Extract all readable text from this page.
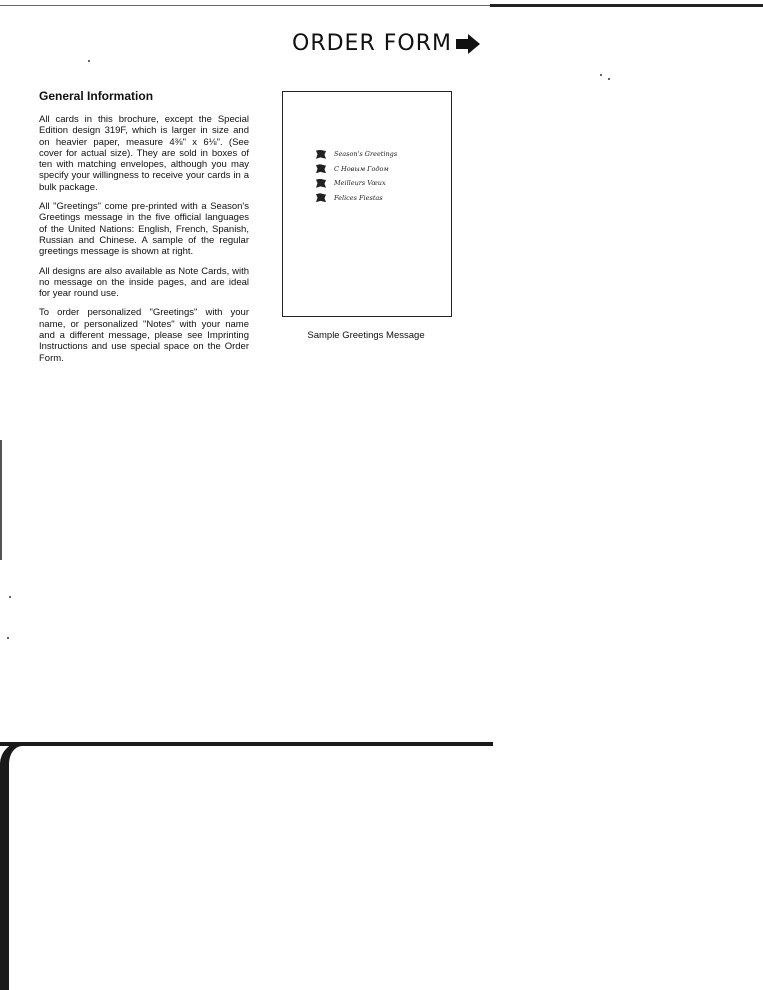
ORDER FORM
General Information

All cards in this brochure, except the Special Edition design 319F, which is larger in size and on heavier paper, measure 4⅜" x 6⅛". (See cover for actual size). They are sold in boxes of ten with matching envelopes, although you may specify your willingness to receive your cards in a bulk package.

All "Greetings" come pre-printed with a Season's Greetings message in the five official languages of the United Nations: English, French, Spanish, Russian and Chinese. A sample of the regular greetings message is shown at right.

All designs are also available as Note Cards, with no message on the inside pages, and are ideal for year round use.

To order personalized "Greetings" with your name, or personalized "Notes" with your name and a different message, please see Imprinting Instructions and use special space on the Order Form.

Season's Greetings
С Новым Годом
Meilleurs Vœux
Felices Fiestas
Sample Greetings Message
